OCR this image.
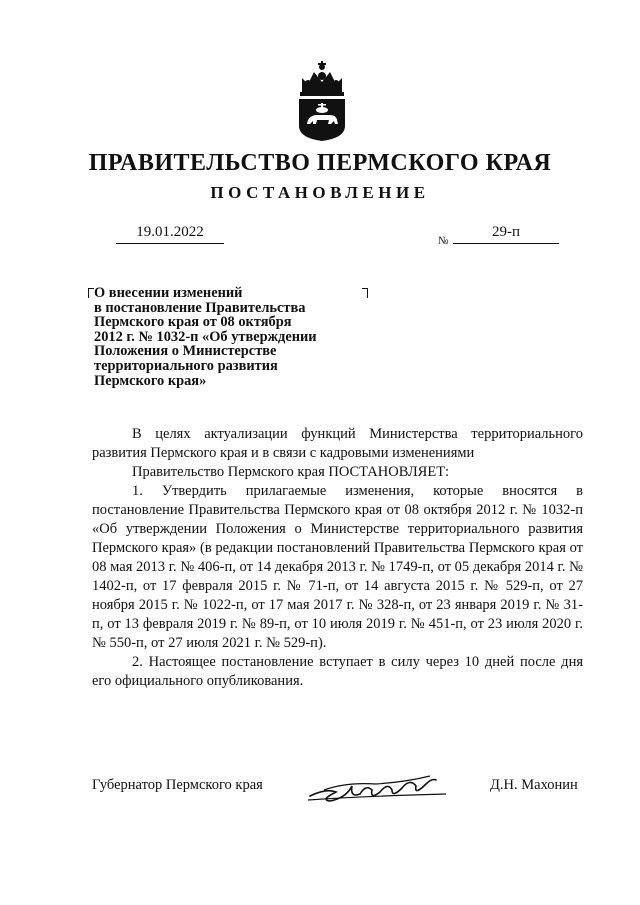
ПРАВИТЕЛЬСТВО ПЕРМСКОГО КРАЯ
ПОСТАНОВЛЕНИЕ
19.01.2022
№
29-п
О внесении изменений
в постановление Правительства
Пермского края от 08 октября
2012 г. № 1032-п «Об утверждении
Положения о Министерстве
территориального развития
Пермского края»

В целях актуализации функций Министерства территориального развития Пермского края и в связи с кадровыми изменениями

Правительство Пермского края ПОСТАНОВЛЯЕТ:

1. Утвердить прилагаемые изменения, которые вносятся в постановление Правительства Пермского края от 08 октября 2012 г. № 1032-п «Об утверждении Положения о Министерстве территориального развития Пермского края» (в редакции постановлений Правительства Пермского края от 08 мая 2013 г. № 406-п, от 14 декабря 2013 г. № 1749-п, от 05 декабря 2014 г. № 1402-п, от 17 февраля 2015 г. № 71-п, от 14 августа 2015 г. № 529-п, от 27 ноября 2015 г. № 1022-п, от 17 мая 2017 г. № 328-п, от 23 января 2019 г. № 31-п, от 13 февраля 2019 г. № 89-п, от 10 июля 2019 г. № 451-п, от 23 июля 2020 г. № 550-п, от 27 июля 2021 г. № 529-п).

2. Настоящее постановление вступает в силу через 10 дней после дня его официального опубликования.

Губернатор Пермского края	Д.Н. Махонин
